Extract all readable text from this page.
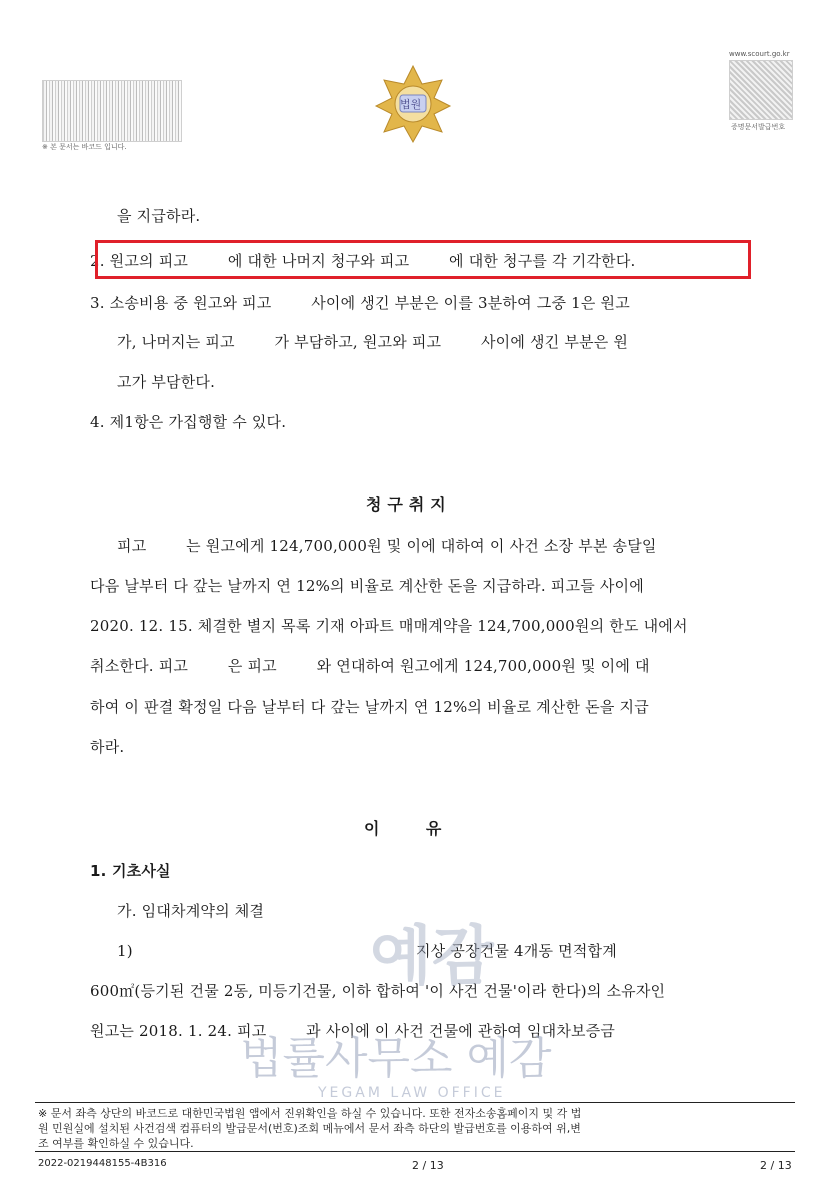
※ 본 문서는 바코드 입니다.
법원
www.scourt.go.kr
증명문서발급번호
을 지급하라.
2. 원고의 피고        에 대한 나머지 청구와 피고        에 대한 청구를 각 기각한다.
3. 소송비용 중 원고와 피고        사이에 생긴 부분은 이를 3분하여 그중 1은 원고
가, 나머지는 피고        가 부담하고, 원고와 피고        사이에 생긴 부분은 원
고가 부담한다.
4. 제1항은 가집행할 수 있다.
청 구 취 지
피고        는 원고에게 124,700,000원 및 이에 대하여 이 사건 소장 부본 송달일
다음 날부터 다 갚는 날까지 연 12%의 비율로 계산한 돈을 지급하라. 피고들 사이에
2020. 12. 15. 체결한 별지 목록 기재 아파트 매매계약을 124,700,000원의 한도 내에서
취소한다. 피고        은 피고        와 연대하여 원고에게 124,700,000원 및 이에 대
하여 이 판결 확정일 다음 날부터 다 갚는 날까지 연 12%의 비율로 계산한 돈을 지급
하라.
이        유
1. 기초사실
가. 임대차계약의 체결
1)                                                         지상 공장건물 4개동 면적합계
600㎡(등기된 건물 2동, 미등기건물, 이하 합하여 '이 사건 건물'이라 한다)의 소유자인
원고는 2018. 1. 24. 피고        과 사이에 이 사건 건물에 관하여 임대차보증금
예감
법률사무소 예감
YEGAM LAW OFFICE
※ 문서 좌측 상단의 바코드로 대한민국법원 앱에서 진위확인을 하실 수 있습니다. 또한 전자소송홈페이지 및 각 법
원 민원실에 설치된 사건검색 컴퓨터의 발급문서(번호)조회 메뉴에서 문서 좌측 하단의 발급번호를 이용하여 위,변
조 여부를 확인하실 수 있습니다.
2022-0219448155-4B316	2 / 13	2 / 13
